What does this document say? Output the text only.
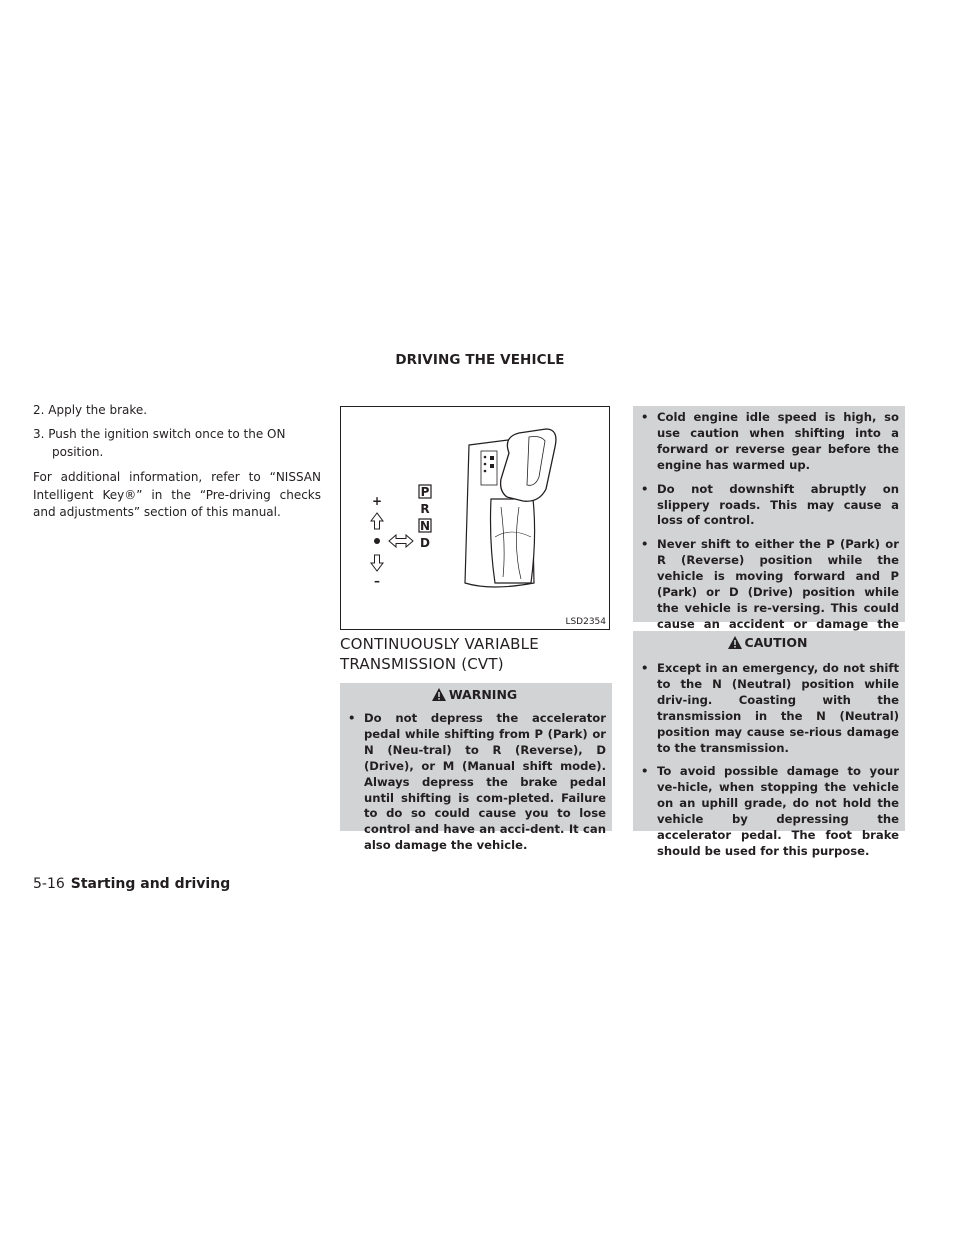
DRIVING THE VEHICLE
2. Apply the brake.
3. Push the ignition switch once to the ON position.
For additional information, refer to “NISSAN Intelligent Key®” in the “Pre-driving checks and adjustments” section of this manual.
P
R
N
D
+
–
LSD2354
CONTINUOUSLY VARIABLE TRANSMISSION (CVT)
WARNING
• Do not depress the accelerator pedal while shifting from P (Park) or N (Neu-tral) to R (Reverse), D (Drive), or M (Manual shift mode). Always depress the brake pedal until shifting is com-pleted. Failure to do so could cause you to lose control and have an acci-dent. It can also damage the vehicle.
• Cold engine idle speed is high, so use caution when shifting into a forward or reverse gear before the engine has warmed up.
• Do not downshift abruptly on slippery roads. This may cause a loss of control.
• Never shift to either the P (Park) or R (Reverse) position while the vehicle is moving forward and P (Park) or D (Drive) position while the vehicle is re-versing. This could cause an accident or damage the
CAUTION
• Except in an emergency, do not shift to the N (Neutral) position while driv-ing. Coasting with the transmission in the N (Neutral) position may cause se-rious damage to the transmission.
• To avoid possible damage to your ve-hicle, when stopping the vehicle on an uphill grade, do not hold the vehicle by depressing the accelerator pedal. The foot brake should be used for this purpose.
5-16 Starting and driving
